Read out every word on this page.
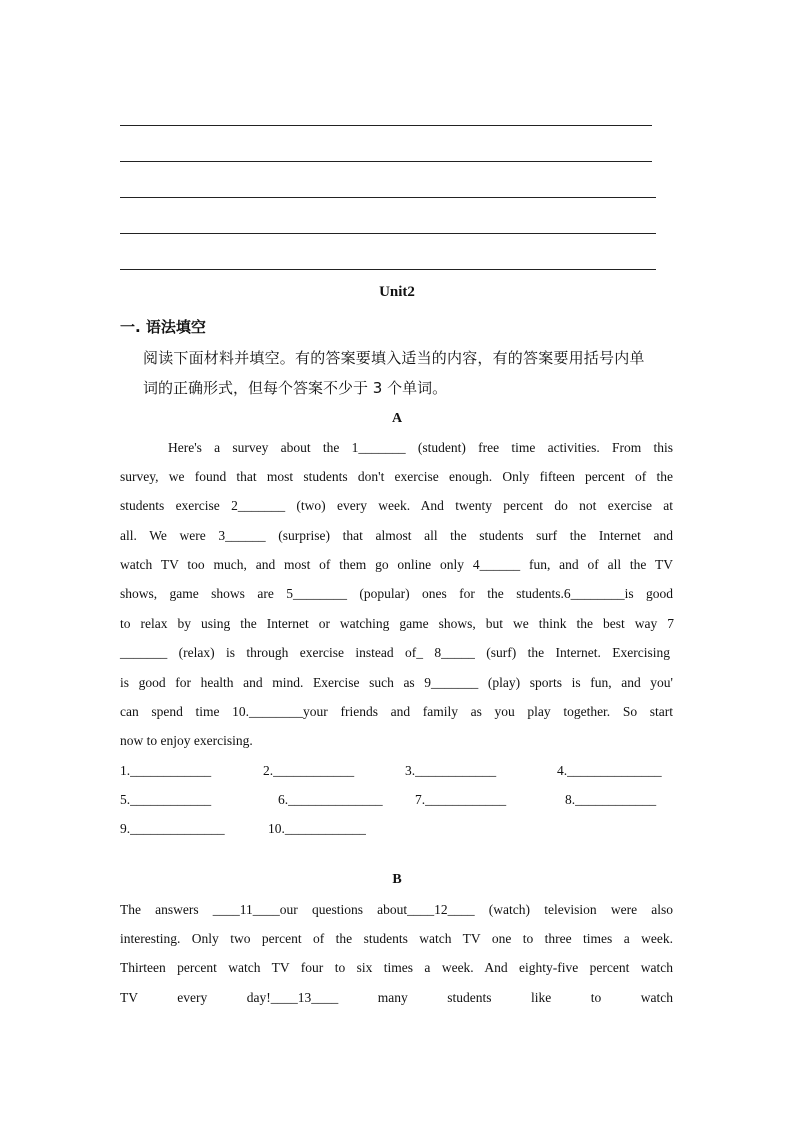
Unit2
一. 语法填空
阅读下面材料并填空。有的答案要填入适当的内容，有的答案要用括号内单
词的正确形式，但每个答案不少于 3 个单词。
A
Here's a survey about the 1_______ (student) free time activities. From this
survey, we found that most students don't exercise enough. Only fifteen percent of the
students exercise 2_______ (two) every week. And twenty percent do not exercise at
all. We were 3______ (surprise) that almost all the students surf the Internet and
watch TV too much, and most of them go online only 4______ fun, and of all the TV
shows, game shows are 5________ (popular) ones for the students.6________is good
to relax by using the Internet or watching game shows, but we think the best way 7
_______ (relax) is through exercise instead of_ 8_____ (surf) the Internet. Exercising
is good for health and mind. Exercise such as 9_______ (play) sports is fun, and you'
can spend time 10.________your friends and family as you play together. So start
now to enjoy exercising.
1.____________	2.____________	3.____________	4.______________
5.____________	6.______________ 7.____________	8.____________
9.______________	10.____________
B
The answers ____11____our questions about____12____ (watch) television were also
interesting. Only two percent of the students watch TV one to three times a week.
Thirteen percent watch TV four to six times a week. And eighty-five percent watch
TV every day!____13____ many students like to watch
